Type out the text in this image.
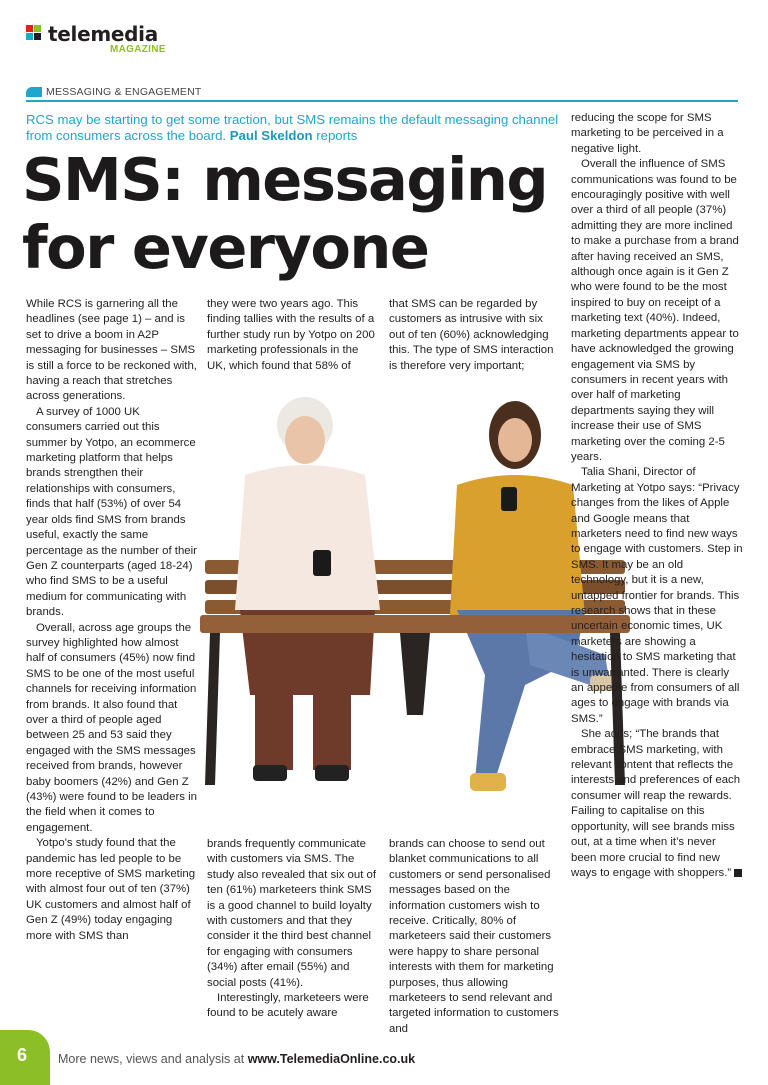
telemedia
MAGAZINE
MESSAGING & ENGAGEMENT
RCS may be starting to get some traction, but SMS remains the default messaging channel from consumers across the board. Paul Skeldon reports
SMS: messaging
for everyone

While RCS is garnering all the headlines (see page 1) – and is set to drive a boom in A2P messaging for businesses – SMS is still a force to be reckoned with, having a reach that stretches across generations.

A survey of 1000 UK consumers carried out this summer by Yotpo, an ecommerce marketing platform that helps brands strengthen their relationships with consumers, finds that half (53%) of over 54 year olds find SMS from brands useful, exactly the same percentage as the number of their Gen Z counterparts (aged 18-24) who find SMS to be a useful medium for communicating with brands.

Overall, across age groups the survey highlighted how almost half of consumers (45%) now find SMS to be one of the most useful channels for receiving information from brands. It also found that over a third of people aged between 25 and 53 said they engaged with the SMS messages received from brands, however baby boomers (42%) and Gen Z (43%) were found to be leaders in the field when it comes to engagement.

Yotpo's study found that the pandemic has led people to be more receptive of SMS marketing with almost four out of ten (37%) UK customers and almost half of Gen Z (49%) today engaging more with SMS than

they were two years ago. This finding tallies with the results of a further study run by Yotpo on 200 marketing professionals in the UK, which found that 58% of

that SMS can be regarded by customers as intrusive with six out of ten (60%) acknowledging this. The type of SMS interaction is therefore very important;

reducing the scope for SMS marketing to be perceived in a negative light.

Overall the influence of SMS communications was found to be encouragingly positive with well over a third of all people (37%) admitting they are more inclined to make a purchase from a brand after having received an SMS, although once again is it Gen Z who were found to be the most inspired to buy on receipt of a marketing text (40%). Indeed, marketing departments appear to have acknowledged the growing engagement via SMS by consumers in recent years with over half of marketing departments saying they will increase their use of SMS marketing over the coming 2-5 years.

Talia Shani, Director of Marketing at Yotpo says: “Privacy changes from the likes of Apple and Google means that marketers need to find new ways to engage with customers. Step in SMS. It may be an old technology, but it is a new, untapped frontier for brands. This research shows that in these uncertain economic times, UK marketers are showing a hesitation to SMS marketing that is unwarranted. There is clearly an appetite from consumers of all ages to engage with brands via SMS.”

She adds; “The brands that embrace SMS marketing, with relevant content that reflects the interests and preferences of each consumer will reap the rewards. Failing to capitalise on this opportunity, will see brands miss out, at a time when it’s never been more crucial to find new ways to engage with shoppers.”

brands frequently communicate with customers via SMS. The study also revealed that six out of ten (61%) marketeers think SMS is a good channel to build loyalty with customers and that they consider it the third best channel for engaging with consumers (34%) after email (55%) and social posts (41%).

Interestingly, marketeers were found to be acutely aware

brands can choose to send out blanket communications to all customers or send personalised messages based on the information customers wish to receive. Critically, 80% of marketeers said their customers were happy to share personal interests with them for marketing purposes, thus allowing marketeers to send relevant and targeted information to customers and

6	More news, views and analysis at www.TelemediaOnline.co.uk
